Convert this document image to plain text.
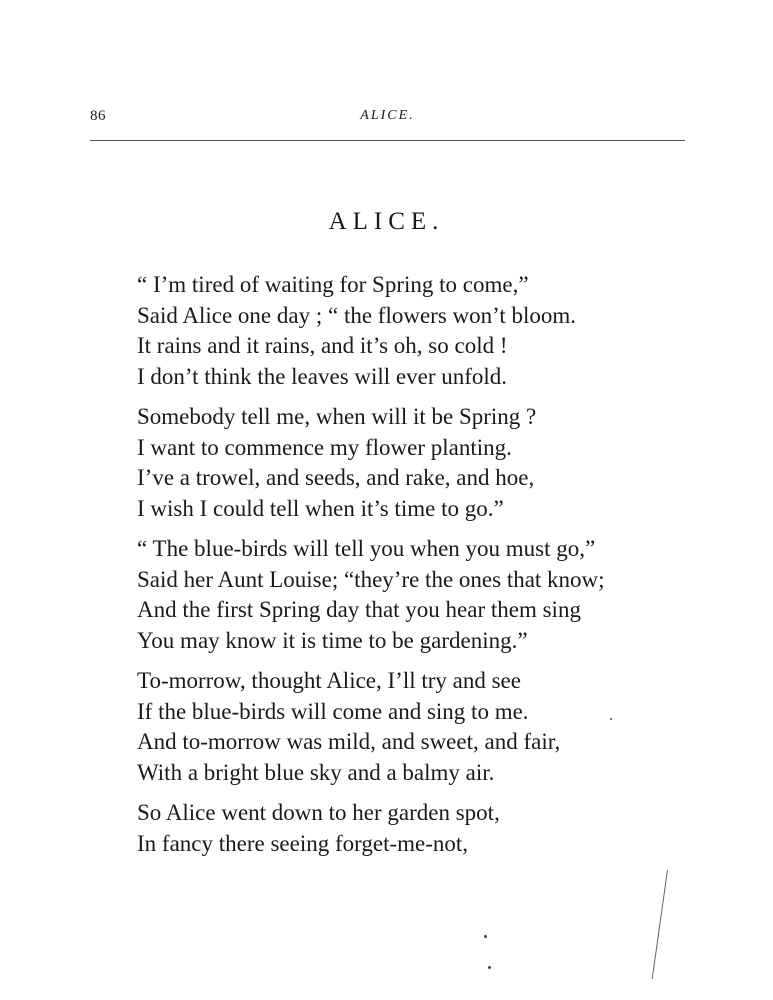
86	ALICE.
ALICE.
“ I’m tired of waiting for Spring to come,”
Said Alice one day ; “ the flowers won’t bloom.
It rains and it rains, and it’s oh, so cold !
I don’t think the leaves will ever unfold.
Somebody tell me, when will it be Spring ?
I want to commence my flower planting.
I’ve a trowel, and seeds, and rake, and hoe,
I wish I could tell when it’s time to go.”
“ The blue-birds will tell you when you must go,”
Said her Aunt Louise; “they’re the ones that know;
And the first Spring day that you hear them sing
You may know it is time to be gardening.”
To-morrow, thought Alice, I’ll try and see
If the blue-birds will come and sing to me.
And to-morrow was mild, and sweet, and fair,
With a bright blue sky and a balmy air.
So Alice went down to her garden spot,
In fancy there seeing forget-me-not,
